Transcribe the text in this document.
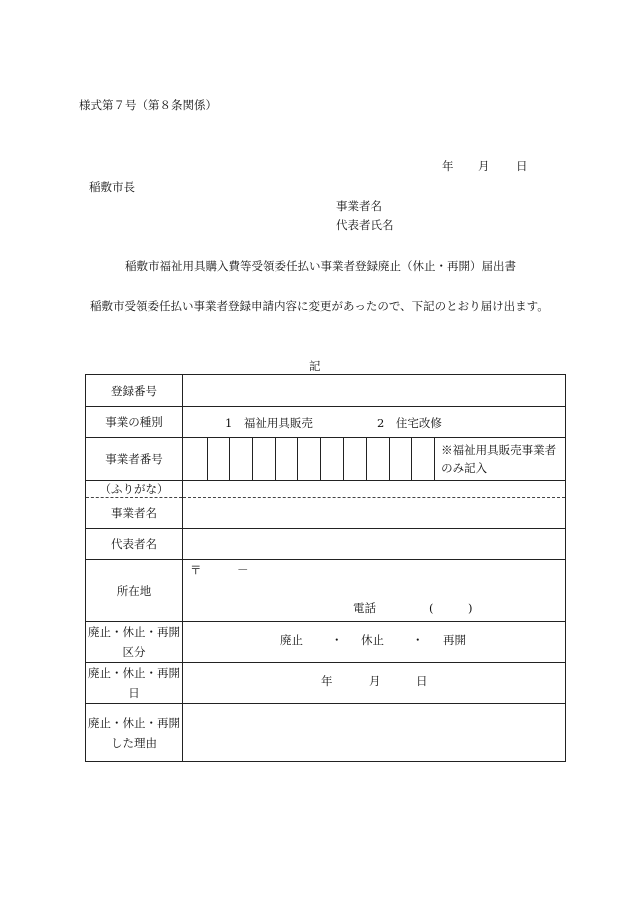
様式第７号（第８条関係）
年 月 日
稲敷市長
事業者名
代表者氏名
稲敷市福祉用具購入費等受領委任払い事業者登録廃止（休止・再開）届出書
稲敷市受領委任払い事業者登録申請内容に変更があったので、下記のとおり届け出ます。
記
登録番号	
事業の種別	1　福祉用具販売 2　住宅改修

事業者番号	※福祉用具販売事業者のみ記入

（ふりがな）	
事業者名	
代表者名	
所在地	〒 －
電話 (　　　)

廃止・休止・再開区分	廃止 ・ 休止 ・ 再開

廃止・休止・再開日	年 月 日

廃止・休止・再開した理由	
